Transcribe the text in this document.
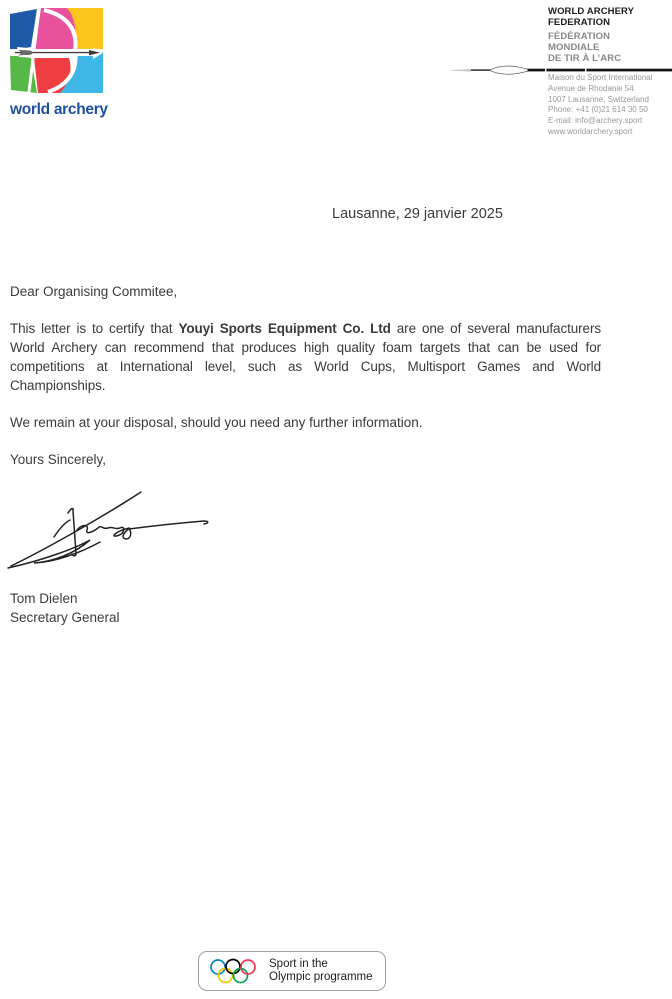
world archery
WORLD ARCHERY
FEDERATION
FÉDÉRATION
MONDIALE
DE TIR À L’ARC
Maison du Sport International
Avenue de Rhodanie 54
1007 Lausanne, Switzerland
Phone: +41 (0)21 614 30 50
E-mail: info@archery.sport
www.worldarchery.sport
Lausanne, 29 janvier 2025
Dear Organising Commitee,
This letter is to certify that Youyi Sports Equipment Co. Ltd are one of several manufacturers World Archery can recommend that produces high quality foam targets that can be used for competitions at International level, such as World Cups, Multisport Games and World Championships.
We remain at your disposal, should you need any further information.
Yours Sincerely,
Tom Dielen
Secretary General
Sport in the
Olympic programme
